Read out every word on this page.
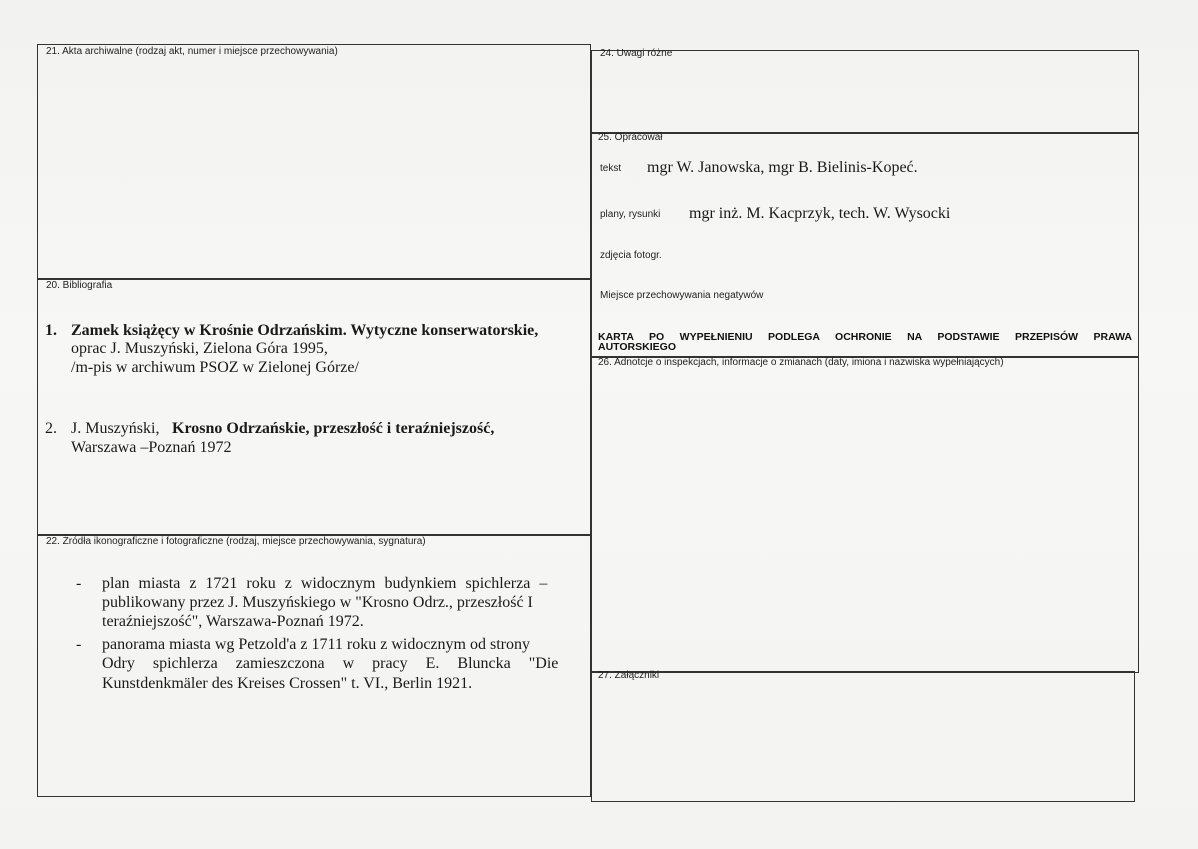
21. Akta archiwalne (rodzaj akt, numer i miejsce przechowywania)
20. Bibliografia
1. Zamek książęcy w Krośnie Odrzańskim. Wytyczne konserwatorskie,
oprac J. Muszyński, Zielona Góra 1995,
/m-pis w archiwum PSOZ w Zielonej Górze/
2. J. Muszyński, Krosno Odrzańskie, przeszłość i teraźniejszość,
Warszawa –Poznań 1972
22. Źródła ikonograficzne i fotograficzne (rodzaj, miejsce przechowywania, sygnatura)
- plan miasta z 1721 roku z widocznym budynkiem spichlerza –
publikowany przez J. Muszyńskiego w "Krosno Odrz., przeszłość I
teraźniejszość", Warszawa-Poznań 1972.
- panorama miasta wg Petzold'a z 1711 roku z widocznym od strony
Odry spichlerza zamieszczona w pracy E. Bluncka "Die
Kunstdenkmäler des Kreises Crossen" t. VI., Berlin 1921.
24. Uwagi różne
25. Opracował
tekst mgr W. Janowska, mgr B. Bielinis-Kopeć.
plany, rysunki mgr inż. M. Kacprzyk, tech. W. Wysocki
zdjęcia fotogr.
Miejsce przechowywania negatywów
KARTA PO WYPEŁNIENIU PODLEGA OCHRONIE NA PODSTAWIE PRZEPISÓW PRAWA
AUTORSKIEGO
26. Adnotcje o inspekcjach, informacje o zmianach (daty, imiona i nazwiska wypełniających)
27. Załączniki
